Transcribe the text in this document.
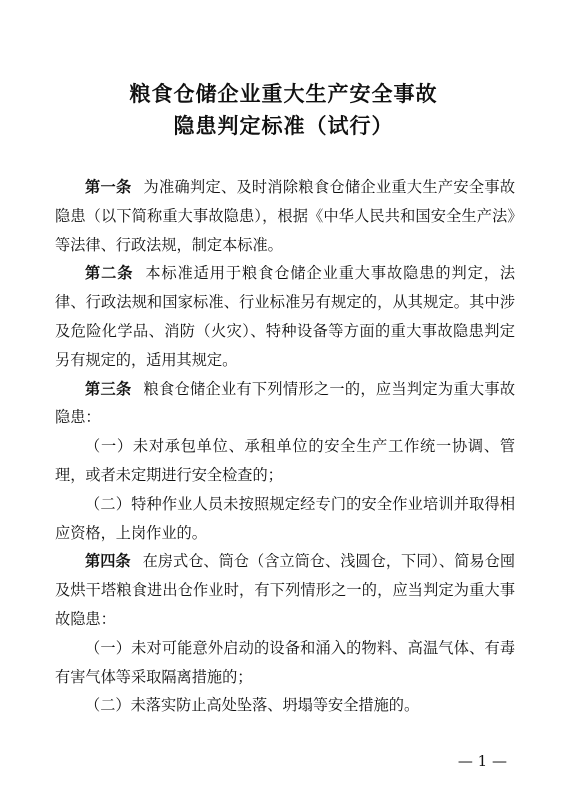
粮食仓储企业重大生产安全事故
隐患判定标准（试行）

第一条 为准确判定、及时消除粮食仓储企业重大生产安全事故隐患（以下简称重大事故隐患），根据《中华人民共和国安全生产法》等法律、行政法规，制定本标准。

第二条 本标准适用于粮食仓储企业重大事故隐患的判定，法律、行政法规和国家标准、行业标准另有规定的，从其规定。其中涉及危险化学品、消防（火灾）、特种设备等方面的重大事故隐患判定另有规定的，适用其规定。

第三条 粮食仓储企业有下列情形之一的，应当判定为重大事故隐患：

（一）未对承包单位、承租单位的安全生产工作统一协调、管理，或者未定期进行安全检查的；

（二）特种作业人员未按照规定经专门的安全作业培训并取得相应资格，上岗作业的。

第四条 在房式仓、筒仓（含立筒仓、浅圆仓，下同）、简易仓囤及烘干塔粮食进出仓作业时，有下列情形之一的，应当判定为重大事故隐患：

（一）未对可能意外启动的设备和涌入的物料、高温气体、有毒有害气体等采取隔离措施的；

（二）未落实防止高处坠落、坍塌等安全措施的。

— 1 —
